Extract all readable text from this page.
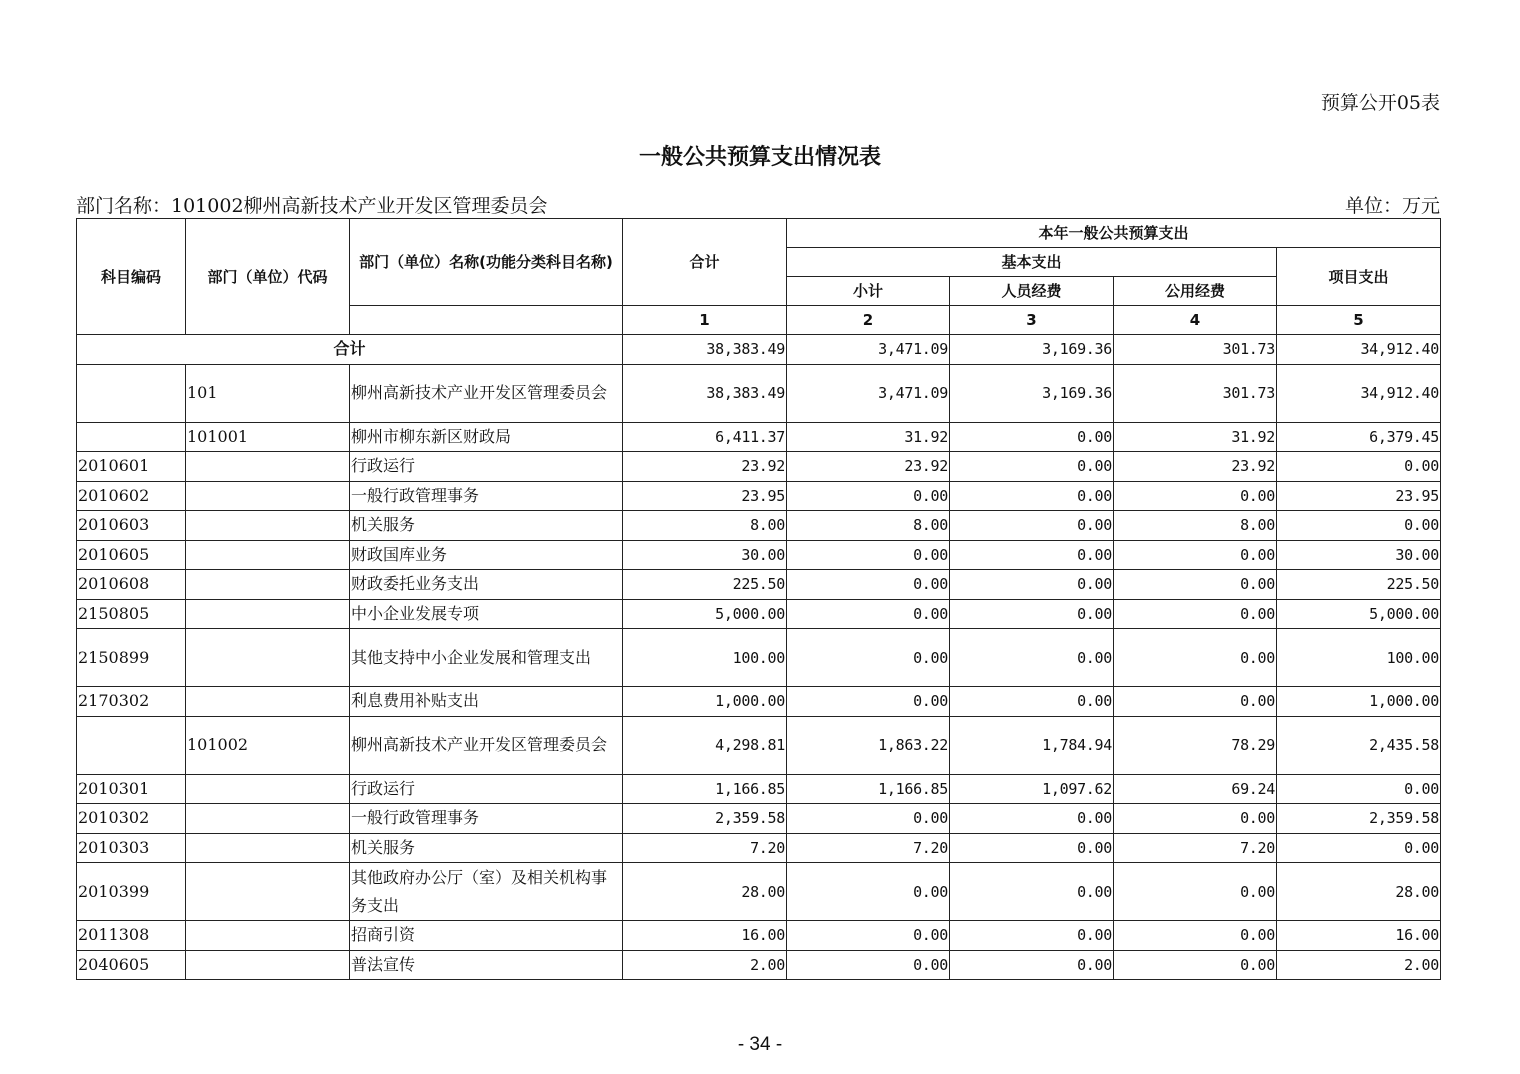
预算公开05表
一般公共预算支出情况表
部门名称：101002柳州高新技术产业开发区管理委员会	单位：万元
科目编码	部门（单位）代码	部门（单位）名称(功能分类科目名称)	合计	本年一般公共预算支出			
				基本支出			项目支出
				小计	人员经费	公用经费	
			1	2	3	4	5
合计			38,383.49	3,471.09	3,169.36	301.73	34,912.40
	101	柳州高新技术产业开发区管理委员会	38,383.49	3,471.09	3,169.36	301.73	34,912.40
	101001	柳州市柳东新区财政局	6,411.37	31.92	0.00	31.92	6,379.45
2010601		行政运行	23.92	23.92	0.00	23.92	0.00
2010602		一般行政管理事务	23.95	0.00	0.00	0.00	23.95
2010603		机关服务	8.00	8.00	0.00	8.00	0.00
2010605		财政国库业务	30.00	0.00	0.00	0.00	30.00
2010608		财政委托业务支出	225.50	0.00	0.00	0.00	225.50
2150805		中小企业发展专项	5,000.00	0.00	0.00	0.00	5,000.00
2150899		其他支持中小企业发展和管理支出	100.00	0.00	0.00	0.00	100.00
2170302		利息费用补贴支出	1,000.00	0.00	0.00	0.00	1,000.00
	101002	柳州高新技术产业开发区管理委员会	4,298.81	1,863.22	1,784.94	78.29	2,435.58
2010301		行政运行	1,166.85	1,166.85	1,097.62	69.24	0.00
2010302		一般行政管理事务	2,359.58	0.00	0.00	0.00	2,359.58
2010303		机关服务	7.20	7.20	0.00	7.20	0.00
2010399		其他政府办公厅（室）及相关机构事务支出	28.00	0.00	0.00	0.00	28.00
2011308		招商引资	16.00	0.00	0.00	0.00	16.00
2040605		普法宣传	2.00	0.00	0.00	0.00	2.00
- 34 -
